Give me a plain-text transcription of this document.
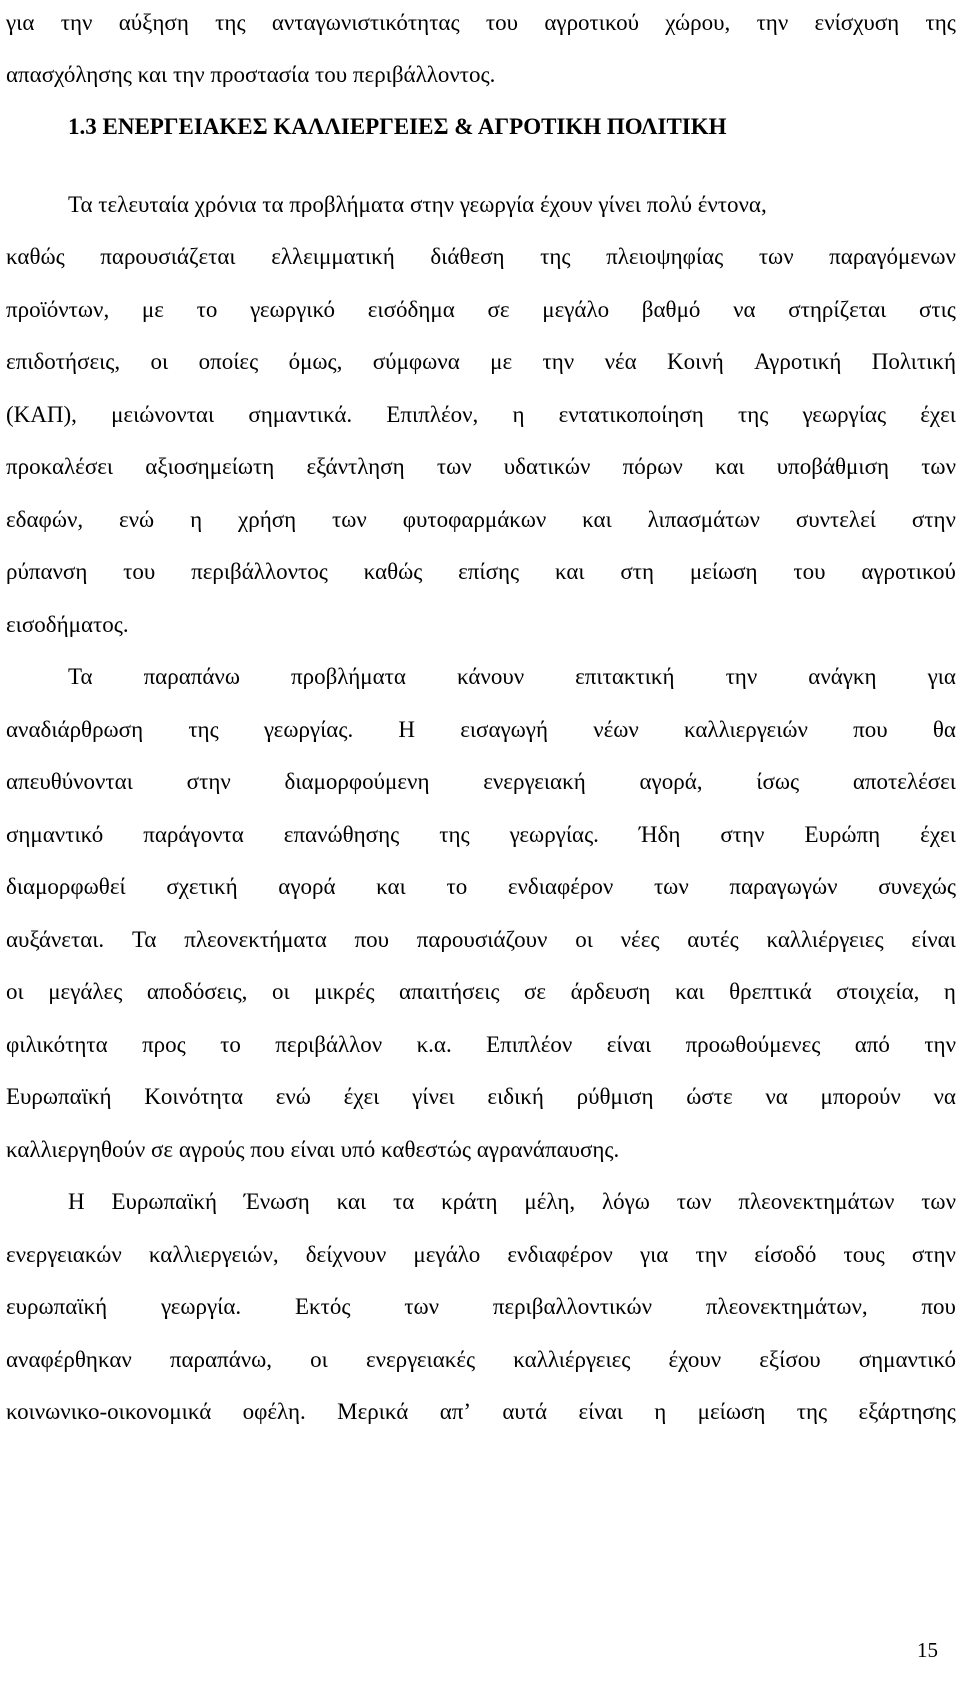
για την αύξηση της ανταγωνιστικότητας του αγροτικού χώρου, την ενίσχυση της
απασχόλησης και την προστασία του περιβάλλοντος.
1.3 ΕΝΕΡΓΕΙΑΚΕΣ ΚΑΛΛΙΕΡΓΕΙΕΣ & ΑΓΡΟΤΙΚΗ ΠΟΛΙΤΙΚΗ
Τα τελευταία χρόνια τα προβλήματα στην γεωργία έχουν γίνει πολύ έντονα,
καθώς παρουσιάζεται ελλειμματική διάθεση της πλειοψηφίας των παραγόμενων
προϊόντων, με το γεωργικό εισόδημα σε μεγάλο βαθμό να στηρίζεται στις
επιδοτήσεις, οι οποίες όμως, σύμφωνα με την νέα Κοινή Αγροτική Πολιτική
(ΚΑΠ), μειώνονται σημαντικά. Επιπλέον, η εντατικοποίηση της γεωργίας έχει
προκαλέσει αξιοσημείωτη εξάντληση των υδατικών πόρων και υποβάθμιση των
εδαφών, ενώ η χρήση των φυτοφαρμάκων και λιπασμάτων συντελεί στην
ρύπανση του περιβάλλοντος καθώς επίσης και στη μείωση του αγροτικού
εισοδήματος.
Τα παραπάνω προβλήματα κάνουν επιτακτική την ανάγκη για
αναδιάρθρωση της γεωργίας. Η εισαγωγή νέων καλλιεργειών που θα
απευθύνονται στην διαμορφούμενη ενεργειακή αγορά, ίσως αποτελέσει
σημαντικό παράγοντα επανώθησης της γεωργίας. Ήδη στην Ευρώπη έχει
διαμορφωθεί σχετική αγορά και το ενδιαφέρον των παραγωγών συνεχώς
αυξάνεται. Τα πλεονεκτήματα που παρουσιάζουν οι νέες αυτές καλλιέργειες είναι
οι μεγάλες αποδόσεις, οι μικρές απαιτήσεις σε άρδευση και θρεπτικά στοιχεία, η
φιλικότητα προς το περιβάλλον κ.α. Επιπλέον είναι προωθούμενες από την
Ευρωπαϊκή Κοινότητα ενώ έχει γίνει ειδική ρύθμιση ώστε να μπορούν να
καλλιεργηθούν σε αγρούς που είναι υπό καθεστώς αγρανάπαυσης.
Η Ευρωπαϊκή Ένωση και τα κράτη μέλη, λόγω των πλεονεκτημάτων των
ενεργειακών καλλιεργειών, δείχνουν μεγάλο ενδιαφέρον για την είσοδό τους στην
ευρωπαϊκή γεωργία. Εκτός των περιβαλλοντικών πλεονεκτημάτων, που
αναφέρθηκαν παραπάνω, οι ενεργειακές καλλιέργειες έχουν εξίσου σημαντικό
κοινωνικο-οικονομικά οφέλη. Μερικά απ’ αυτά είναι η μείωση της εξάρτησης
15
